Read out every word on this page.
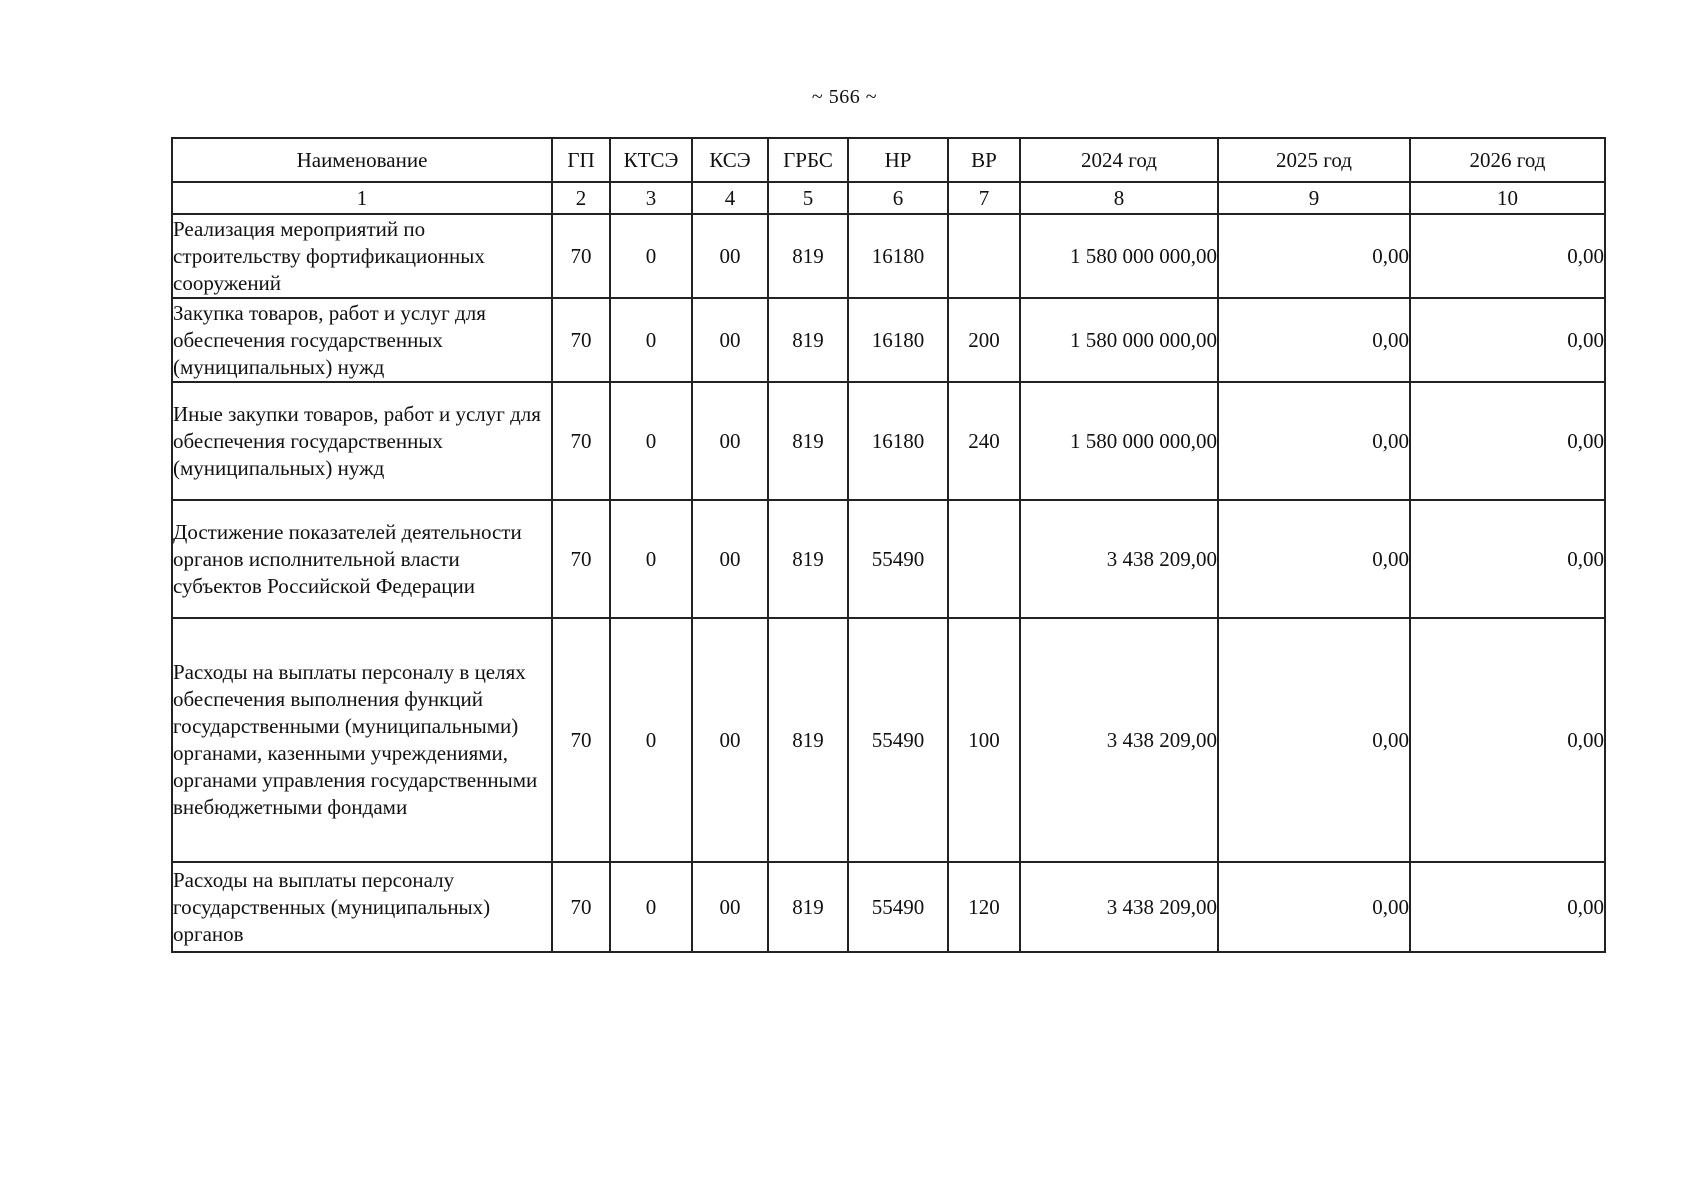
~ 566 ~
Наименование	ГП	КТСЭ	КСЭ	ГРБС	НР	ВР	2024 год	2025 год	2026 год
1	2	3	4	5	6	7	8	9	10
Реализация мероприятий по строительству фортификационных сооружений	70	0	00	819	16180		1 580 000 000,00	0,00	0,00
Закупка товаров, работ и услуг для обеспечения государственных (муниципальных) нужд	70	0	00	819	16180	200	1 580 000 000,00	0,00	0,00
Иные закупки товаров, работ и услуг для обеспечения государственных (муниципальных) нужд	70	0	00	819	16180	240	1 580 000 000,00	0,00	0,00
Достижение показателей деятельности органов исполнительной власти субъектов Российской Федерации	70	0	00	819	55490		3 438 209,00	0,00	0,00
Расходы на выплаты персоналу в целях обеспечения выполнения функций государственными (муниципальными) органами, казенными учреждениями, органами управления государственными внебюджетными фондами	70	0	00	819	55490	100	3 438 209,00	0,00	0,00
Расходы на выплаты персоналу государственных (муниципальных) органов	70	0	00	819	55490	120	3 438 209,00	0,00	0,00
